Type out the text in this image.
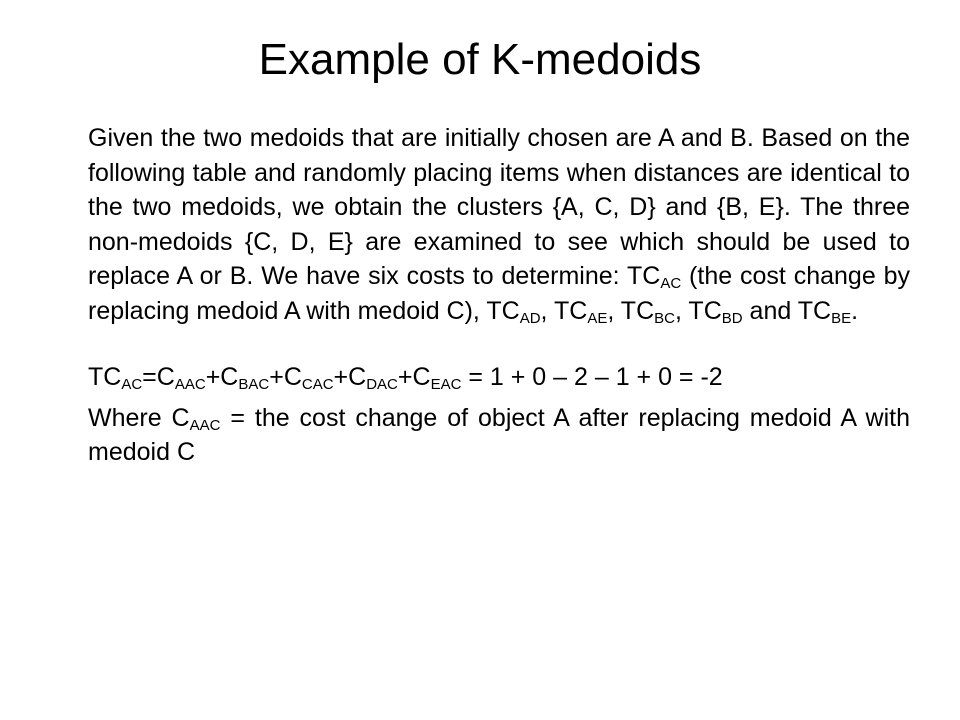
Example of K-medoids

Given the two medoids that are initially chosen are A and B. Based on the following table and randomly placing items when distances are identical to the two medoids, we obtain the clusters {A, C, D} and {B, E}. The three non-medoids {C, D, E} are examined to see which should be used to replace A or B. We have six costs to determine: $TC_{AC}$ (the cost change by replacing medoid A with medoid C), $TC_{AD}$, $TC_{AE}$, $TC_{BC}$, $TC_{BD}$ and $TC_{BE}$.

$TC_{AC}=C_{AAC}+C_{BAC}+C_{CAC}+C_{DAC}+C_{EAC} = 1 + 0 - 2 - 1 + 0 = -2$

Where $C_{AAC}$ = the cost change of object A after replacing medoid A with medoid C
